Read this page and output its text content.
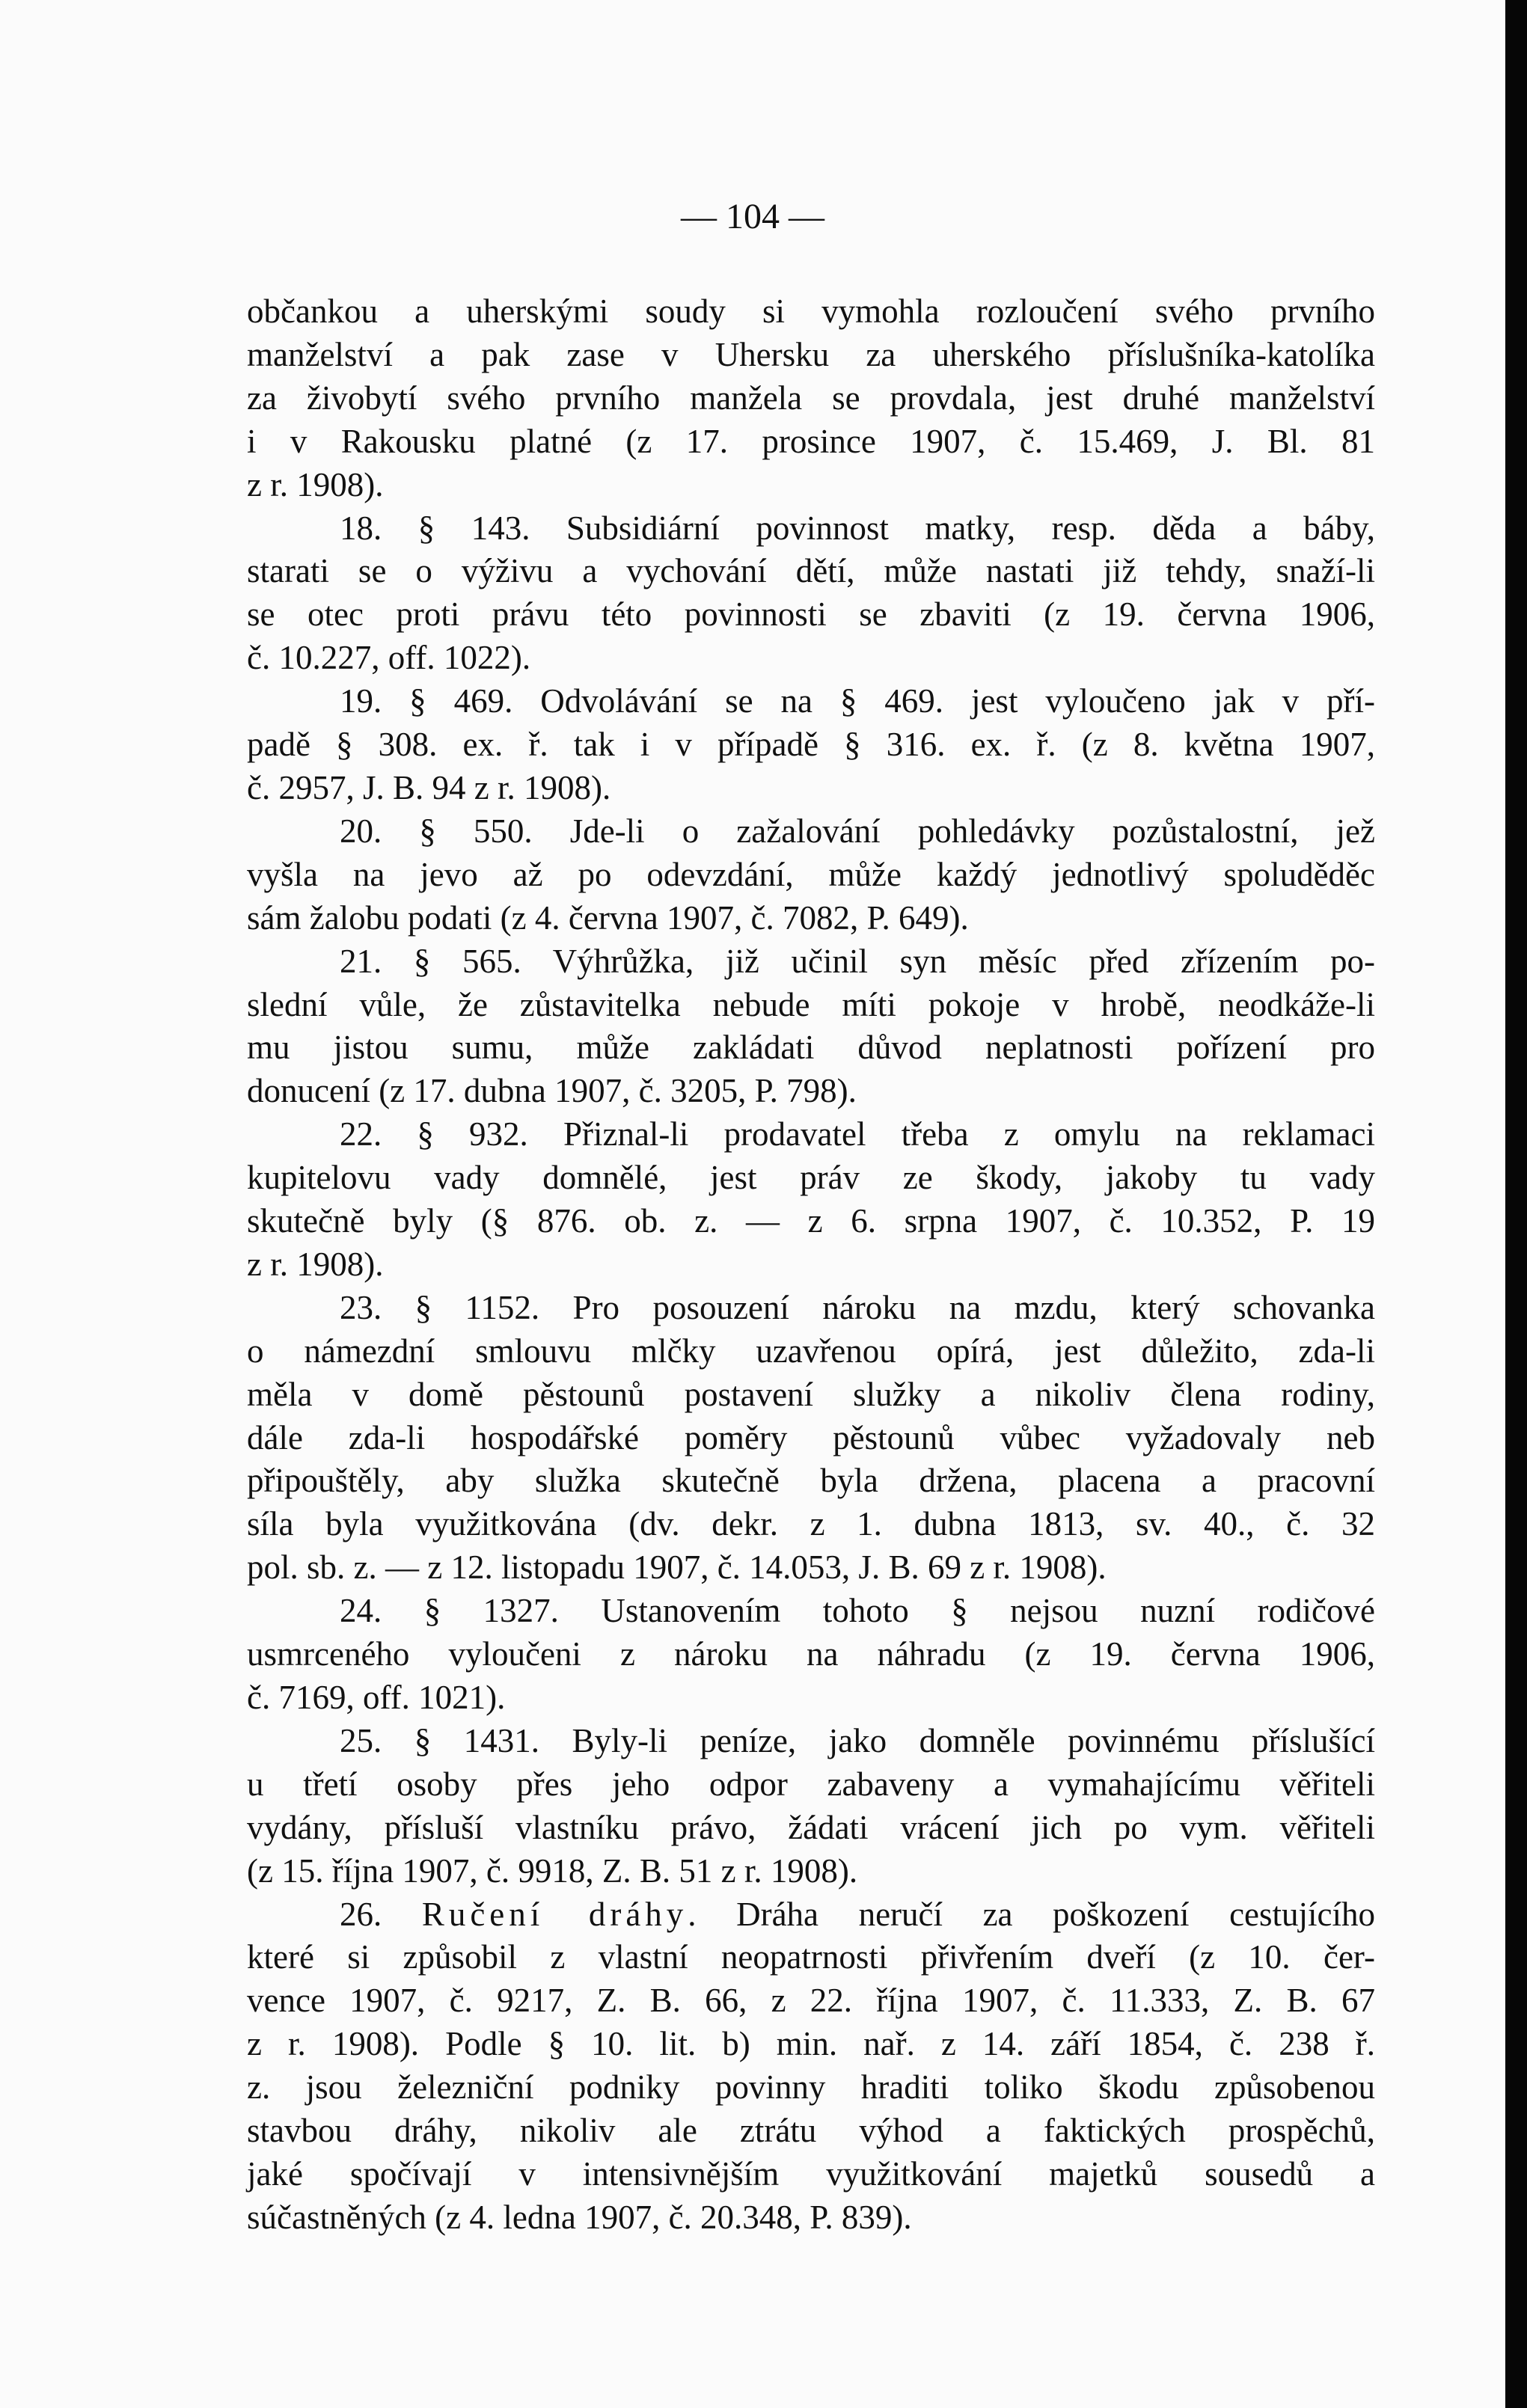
— 104 —
občankou a uherskými soudy si vymohla rozloučení svého prvního
manželství a pak zase v Uhersku za uherského příslušníka-katolíka
za živobytí svého prvního manžela se provdala, jest druhé manželství
i v Rakousku platné (z 17. prosince 1907, č. 15.469, J. Bl. 81
z r. 1908).
18. § 143. Subsidiární povinnost matky, resp. děda a báby,
starati se o výživu a vychování dětí, může nastati již tehdy, snaží-li
se otec proti právu této povinnosti se zbaviti (z 19. června 1906,
č. 10.227, off. 1022).
19. § 469. Odvolávání se na § 469. jest vyloučeno jak v pří-
padě § 308. ex. ř. tak i v případě § 316. ex. ř. (z 8. května 1907,
č. 2957, J. B. 94 z r. 1908).
20. § 550. Jde-li o zažalování pohledávky pozůstalostní, jež
vyšla na jevo až po odevzdání, může každý jednotlivý spoluděděc
sám žalobu podati (z 4. června 1907, č. 7082, P. 649).
21. § 565. Výhrůžka, již učinil syn měsíc před zřízením po-
slední vůle, že zůstavitelka nebude míti pokoje v hrobě, neodkáže-li
mu jistou sumu, může zakládati důvod neplatnosti pořízení pro
donucení (z 17. dubna 1907, č. 3205, P. 798).
22. § 932. Přiznal-li prodavatel třeba z omylu na reklamaci
kupitelovu vady domnělé, jest práv ze škody, jakoby tu vady
skutečně byly (§ 876. ob. z. — z 6. srpna 1907, č. 10.352, P. 19
z r. 1908).
23. § 1152. Pro posouzení nároku na mzdu, který schovanka
o námezdní smlouvu mlčky uzavřenou opírá, jest důležito, zda-li
měla v domě pěstounů postavení služky a nikoliv člena rodiny,
dále zda-li hospodářské poměry pěstounů vůbec vyžadovaly neb
připouštěly, aby služka skutečně byla držena, placena a pracovní
síla byla využitkována (dv. dekr. z 1. dubna 1813, sv. 40., č. 32
pol. sb. z. — z 12. listopadu 1907, č. 14.053, J. B. 69 z r. 1908).
24. § 1327. Ustanovením tohoto § nejsou nuzní rodičové
usmrceného vyloučeni z nároku na náhradu (z 19. června 1906,
č. 7169, off. 1021).
25. § 1431. Byly-li peníze, jako domněle povinnému příslušící
u třetí osoby přes jeho odpor zabaveny a vymahajícímu věřiteli
vydány, přísluší vlastníku právo, žádati vrácení jich po vym. věřiteli
(z 15. října 1907, č. 9918, Z. B. 51 z r. 1908).
26. Ručení dráhy. Dráha neručí za poškození cestujícího
které si způsobil z vlastní neopatrnosti přivřením dveří (z 10. čer-
vence 1907, č. 9217, Z. B. 66, z 22. října 1907, č. 11.333, Z. B. 67
z r. 1908). Podle § 10. lit. b) min. nař. z 14. září 1854, č. 238 ř.
z. jsou železniční podniky povinny hraditi toliko škodu způsobenou
stavbou dráhy, nikoliv ale ztrátu výhod a faktických prospěchů,
jaké spočívají v intensivnějším využitkování majetků sousedů a
súčastněných (z 4. ledna 1907, č. 20.348, P. 839).
